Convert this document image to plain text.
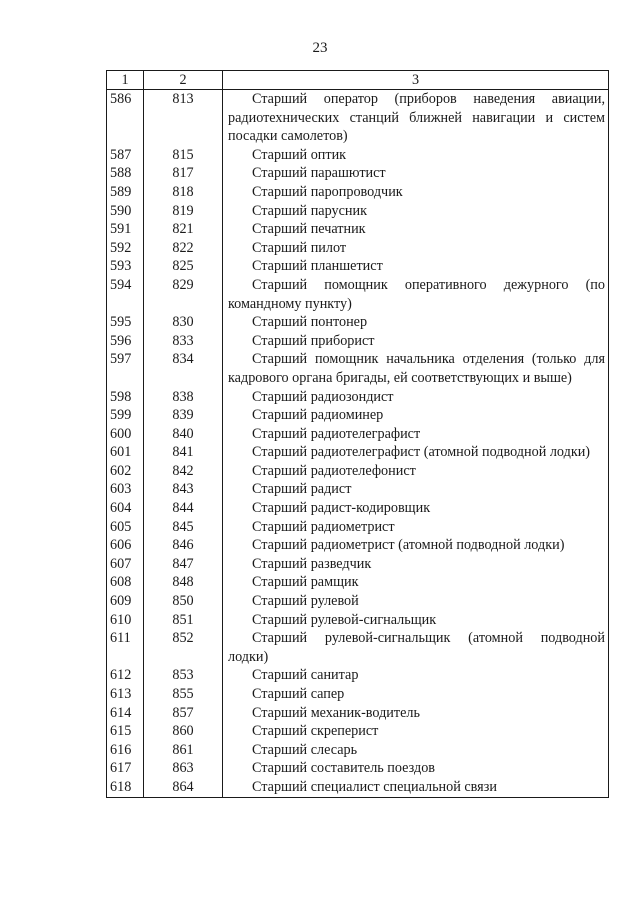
23
1	2	3
586	813	Старший оператор (приборов наведения авиации, радиотехнических станций ближней навигации и систем посадки самолетов)
587	815	Старший оптик
588	817	Старший парашютист
589	818	Старший паропроводчик
590	819	Старший парусник
591	821	Старший печатник
592	822	Старший пилот
593	825	Старший планшетист
594	829	Старший помощник оперативного дежурного (по командному пункту)
595	830	Старший понтонер
596	833	Старший приборист
597	834	Старший помощник начальника отделения (только для кадрового органа бригады, ей соответствующих и выше)
598	838	Старший радиозондист
599	839	Старший радиоминер
600	840	Старший радиотелеграфист
601	841	Старший радиотелеграфист (атомной подводной лодки)
602	842	Старший радиотелефонист
603	843	Старший радист
604	844	Старший радист-кодировщик
605	845	Старший радиометрист
606	846	Старший радиометрист (атомной подводной лодки)
607	847	Старший разведчик
608	848	Старший рамщик
609	850	Старший рулевой
610	851	Старший рулевой-сигнальщик
611	852	Старший рулевой-сигнальщик (атомной подводной лодки)
612	853	Старший санитар
613	855	Старший сапер
614	857	Старший механик-водитель
615	860	Старший скреперист
616	861	Старший слесарь
617	863	Старший составитель поездов
618	864	Старший специалист специальной связи
